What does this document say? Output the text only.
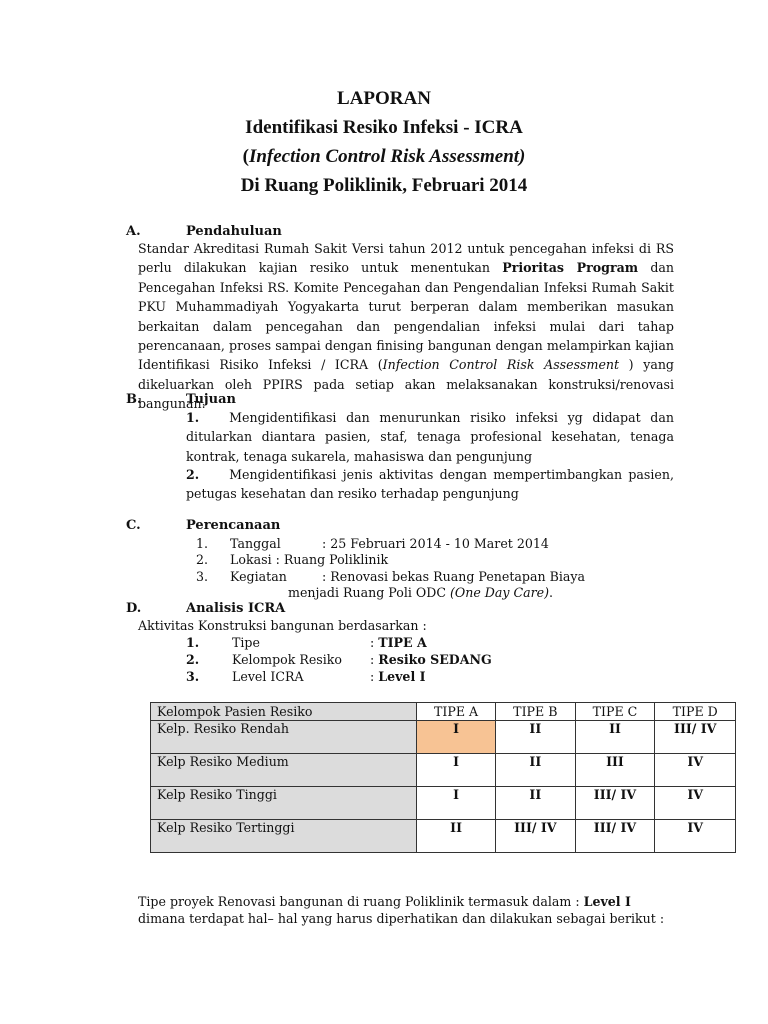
LAPORAN
Identifikasi Resiko Infeksi - ICRA
(Infection Control Risk Assessment)
Di Ruang Poliklinik, Februari 2014
A.	Pendahuluan
Standar Akreditasi Rumah Sakit Versi tahun 2012 untuk pencegahan infeksi di RS perlu dilakukan kajian resiko untuk menentukan Prioritas Program dan Pencegahan Infeksi RS. Komite Pencegahan dan Pengendalian Infeksi Rumah Sakit PKU Muhammadiyah Yogyakarta turut berperan dalam memberikan masukan berkaitan dalam pencegahan dan pengendalian infeksi mulai dari tahap perencanaan, proses sampai dengan finising bangunan dengan melampirkan kajian Identifikasi Risiko Infeksi / ICRA (Infection Control Risk Assessment ) yang dikeluarkan oleh PPIRS pada setiap akan melaksanakan konstruksi/renovasi bangunan.
B.	Tujuan
1. Mengidentifikasi dan menurunkan risiko infeksi yg didapat dan ditularkan diantara pasien, staf, tenaga profesional kesehatan, tenaga kontrak, tenaga sukarela, mahasiswa dan pengunjung
2. Mengidentifikasi jenis aktivitas dengan mempertimbangkan pasien, petugas kesehatan dan resiko terhadap pengunjung
C.	Perencanaan
1. Tanggal	: 25 Februari 2014 - 10 Maret 2014
2. Lokasi : Ruang Poliklinik
3. Kegiatan	: Renovasi bekas Ruang Penetapan Biaya
menjadi Ruang Poli ODC (One Day Care).
D.	Analisis ICRA
Aktivitas Konstruksi bangunan berdasarkan :
1.	Tipe	: TIPE A
2.	Kelompok Resiko : Resiko SEDANG
3.	Level ICRA	: Level I
Kelompok Pasien Resiko	TIPE A	TIPE B	TIPE C	TIPE D
Kelp. Resiko Rendah	I	II	II	III/ IV
Kelp Resiko Medium	I	II	III	IV
Kelp Resiko Tinggi	I	II	III/ IV	IV
Kelp Resiko Tertinggi	II	III/ IV	III/ IV	IV
Tipe proyek Renovasi bangunan di ruang Poliklinik termasuk dalam : Level I
dimana terdapat hal– hal yang harus diperhatikan dan dilakukan sebagai berikut :
